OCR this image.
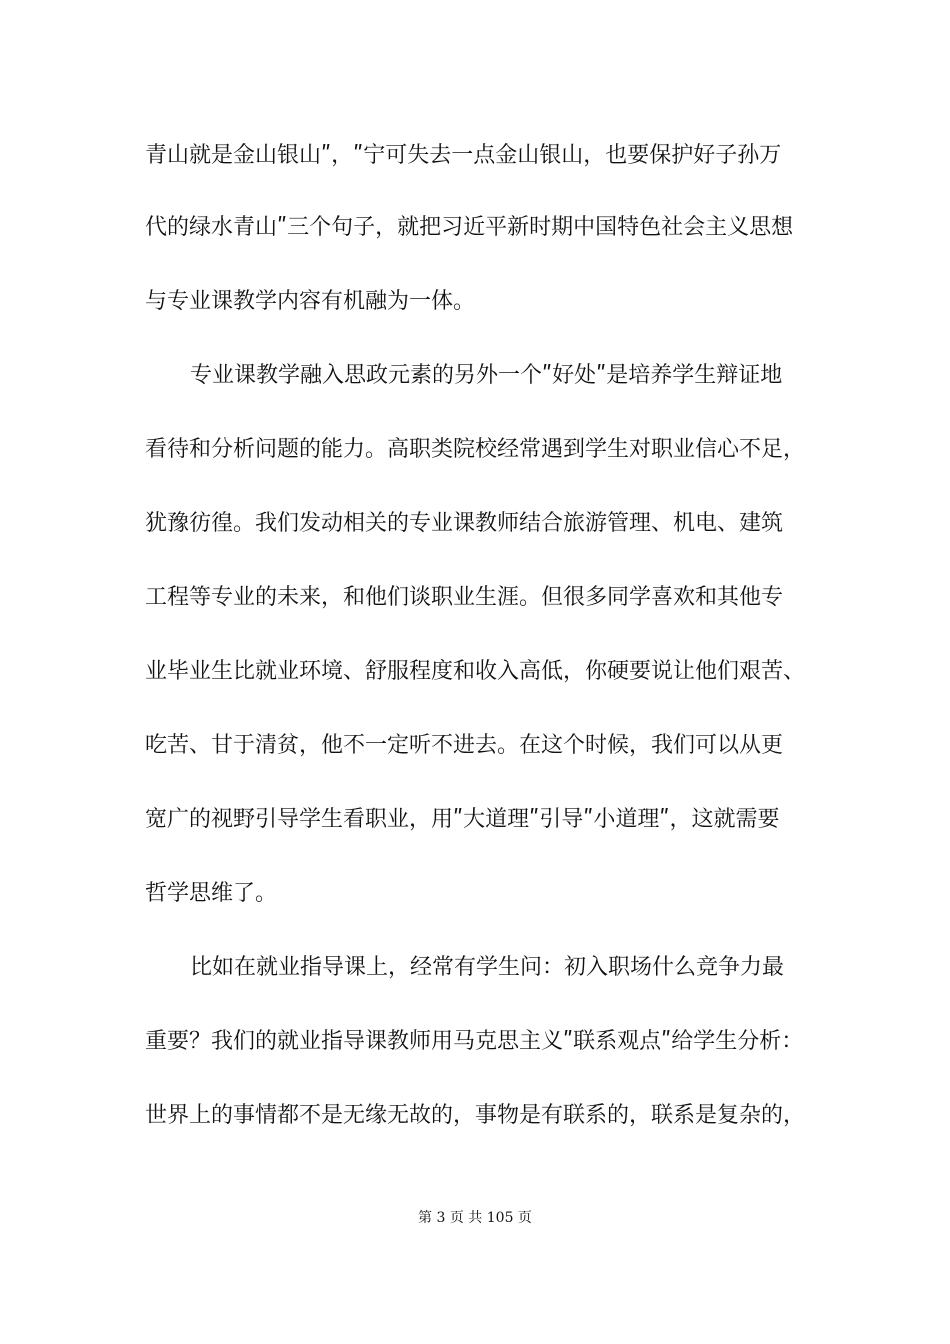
青山就是金山银山ʺ，ʺ宁可失去一点金山银山，也要保护好子孙万
代的绿水青山ʺ三个句子，就把习近平新时期中国特色社会主义思想
与专业课教学内容有机融为一体。
专业课教学融入思政元素的另外一个ʺ好处ʺ是培养学生辩证地
看待和分析问题的能力。高职类院校经常遇到学生对职业信心不足，
犹豫彷徨。我们发动相关的专业课教师结合旅游管理、机电、建筑
工程等专业的未来，和他们谈职业生涯。但很多同学喜欢和其他专
业毕业生比就业环境、舒服程度和收入高低，你硬要说让他们艰苦、
吃苦、甘于清贫，他不一定听不进去。在这个时候，我们可以从更
宽广的视野引导学生看职业，用ʺ大道理ʺ引导ʺ小道理ʺ，这就需要
哲学思维了。
比如在就业指导课上，经常有学生问：初入职场什么竞争力最
重要？我们的就业指导课教师用马克思主义ʺ联系观点ʺ给学生分析：
世界上的事情都不是无缘无故的，事物是有联系的，联系是复杂的，
第 3 页 共 105 页
